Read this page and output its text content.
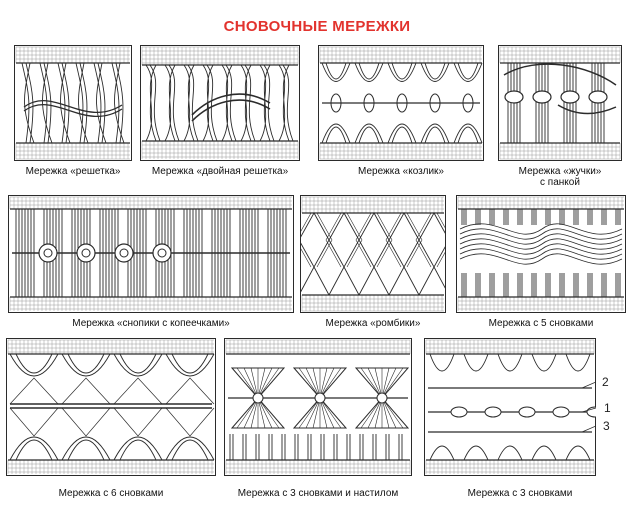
СНОВОЧНЫЕ МЕРЕЖКИ
Мережка «решетка»	Мережка «двойная решетка»	Мережка «козлик»	Мережка «жучки»
с панкой
Мережка «снопики с копеечками»	Мережка «ромбики»	Мережка с 5 сновками
Мережка с 6 сновками	Мережка с 3 сновками и настилом	Мережка с 3 сновками
2
1
3
